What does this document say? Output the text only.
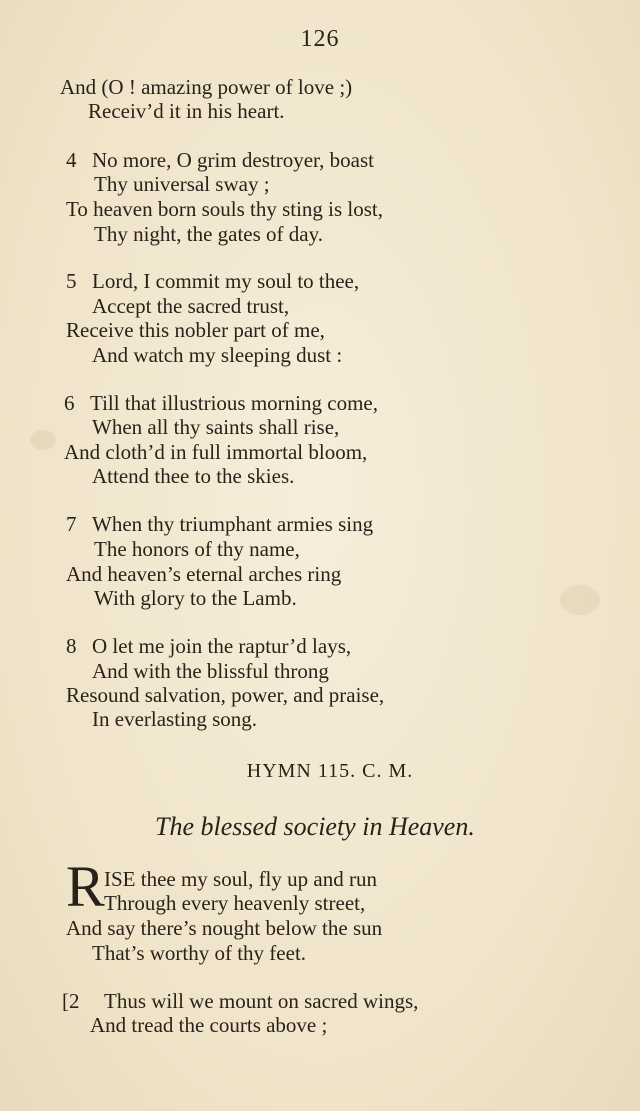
126
And (O ! amazing power of love ;)
Receiv’d it in his heart.
4 No more, O grim destroyer, boast
Thy universal sway ;
To heaven born souls thy sting is lost,
Thy night, the gates of day.
5 Lord, I commit my soul to thee,
Accept the sacred trust,
Receive this nobler part of me,
And watch my sleeping dust :
6 Till that illustrious morning come,
When all thy saints shall rise,
And cloth’d in full immortal bloom,
Attend thee to the skies.
7 When thy triumphant armies sing
The honors of thy name,
And heaven’s eternal arches ring
With glory to the Lamb.
8 O let me join the raptur’d lays,
And with the blissful throng
Resound salvation, power, and praise,
In everlasting song.
HYMN 115. C. M.
The blessed society in Heaven.
R ISE thee my soul, fly up and run
Through every heavenly street,
And say there’s nought below the sun
That’s worthy of thy feet.
[2 Thus will we mount on sacred wings,
And tread the courts above ;
